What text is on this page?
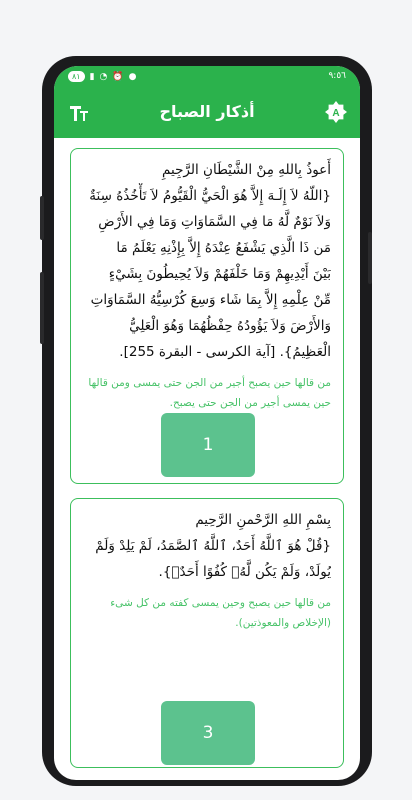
٨١	▮ ◔ ⏰ ●	٩:٥٦
أذكار الصباح	A
أَعوذُ بِاللهِ مِنْ الشَّيْطَانِ الرَّجِيمِ
{اللّهُ لاَ إِلَـهَ إِلاَّ هُوَ الْحَيُّ الْقَيُّومُ لاَ تَأْخُذُهُ سِنَةٌ
وَلاَ نَوْمٌ لَّهُ مَا فِي السَّمَاوَاتِ وَمَا فِي الأَرْضِ
مَن ذَا الَّذِي يَشْفَعُ عِنْدَهُ إِلاَّ بِإِذْنِهِ يَعْلَمُ مَا
بَيْنَ أَيْدِيهِمْ وَمَا خَلْفَهُمْ وَلاَ يُحِيطُونَ بِشَيْءٍ
مِّنْ عِلْمِهِ إِلاَّ بِمَا شَاء وَسِعَ كُرْسِيُّهُ السَّمَاوَاتِ
وَالأَرْضَ وَلاَ يَؤُودُهُ حِفْظُهُمَا وَهُوَ الْعَلِيُّ
الْعَظِيمُ}. [آية الكرسى - البقرة 255].
من قالها حين يصبح أجير من الجن حتى يمسى ومن قالها
حين يمسى أجير من الجن حتى يصبح.
1
بِسْمِ اللهِ الرَّحْمنِ الرَّحِيم
{قُلْ هُوَ ٱللَّهُ أَحَدٌ، ٱللَّهُ ٱلصَّمَدُ، لَمْ يَلِدْ وَلَمْ
يُولَدْ، وَلَمْ يَكُن لَّهُۥ كُفُوًا أَحَدٌۢ}.
من قالها حين يصبح وحين يمسى كفته من كل شىء
(الإخلاص والمعوذتين).
3
